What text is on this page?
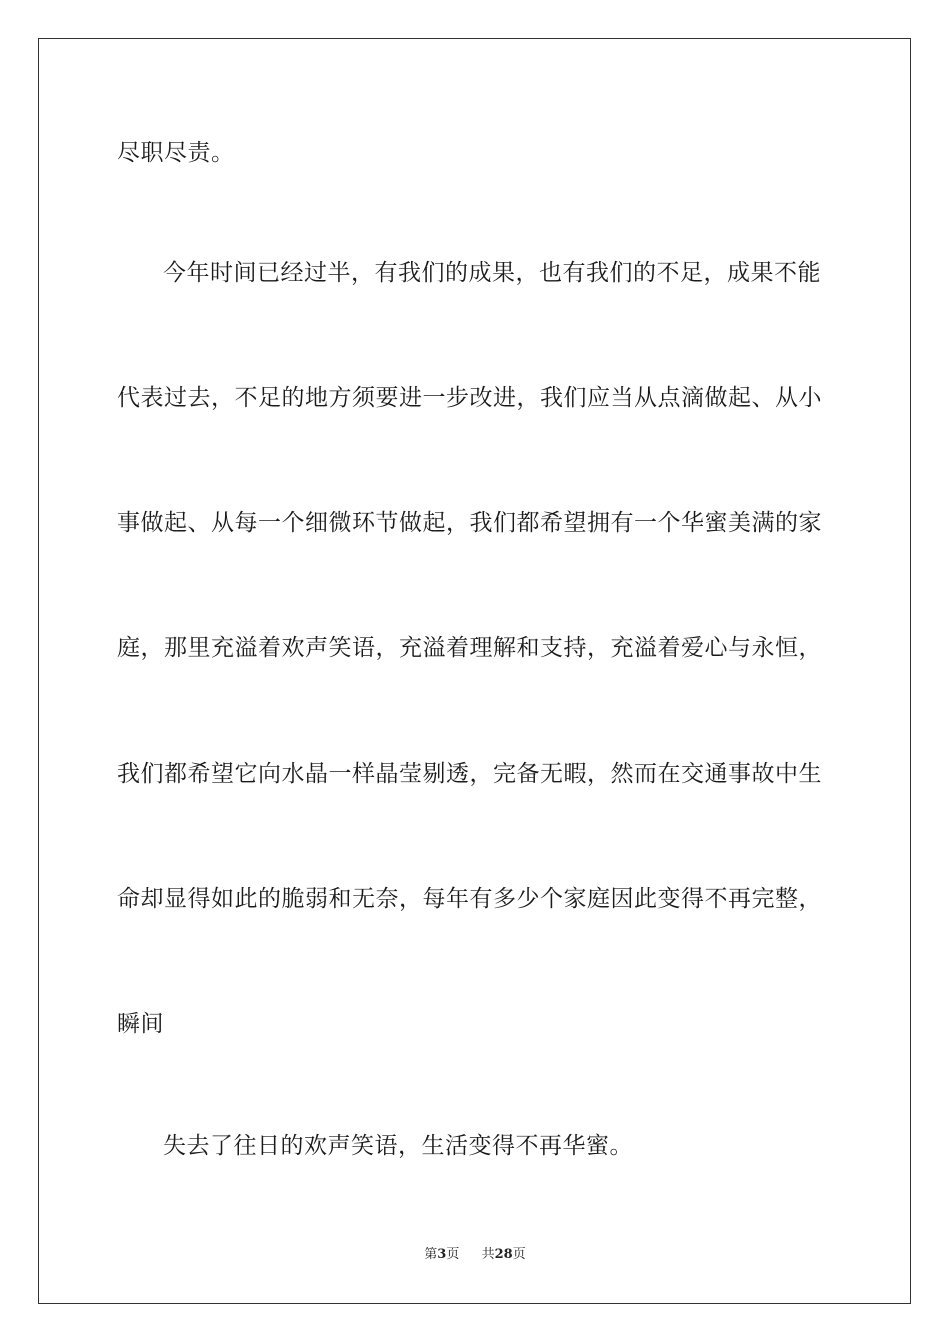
尽职尽责。
今年时间已经过半，有我们的成果，也有我们的不足，成果不能
代表过去，不足的地方须要进一步改进，我们应当从点滴做起、从小
事做起、从每一个细微环节做起，我们都希望拥有一个华蜜美满的家
庭，那里充溢着欢声笑语，充溢着理解和支持，充溢着爱心与永恒，
我们都希望它向水晶一样晶莹剔透，完备无暇，然而在交通事故中生
命却显得如此的脆弱和无奈，每年有多少个家庭因此变得不再完整，
瞬间
失去了往日的欢声笑语，生活变得不再华蜜。
第3页 共28页
